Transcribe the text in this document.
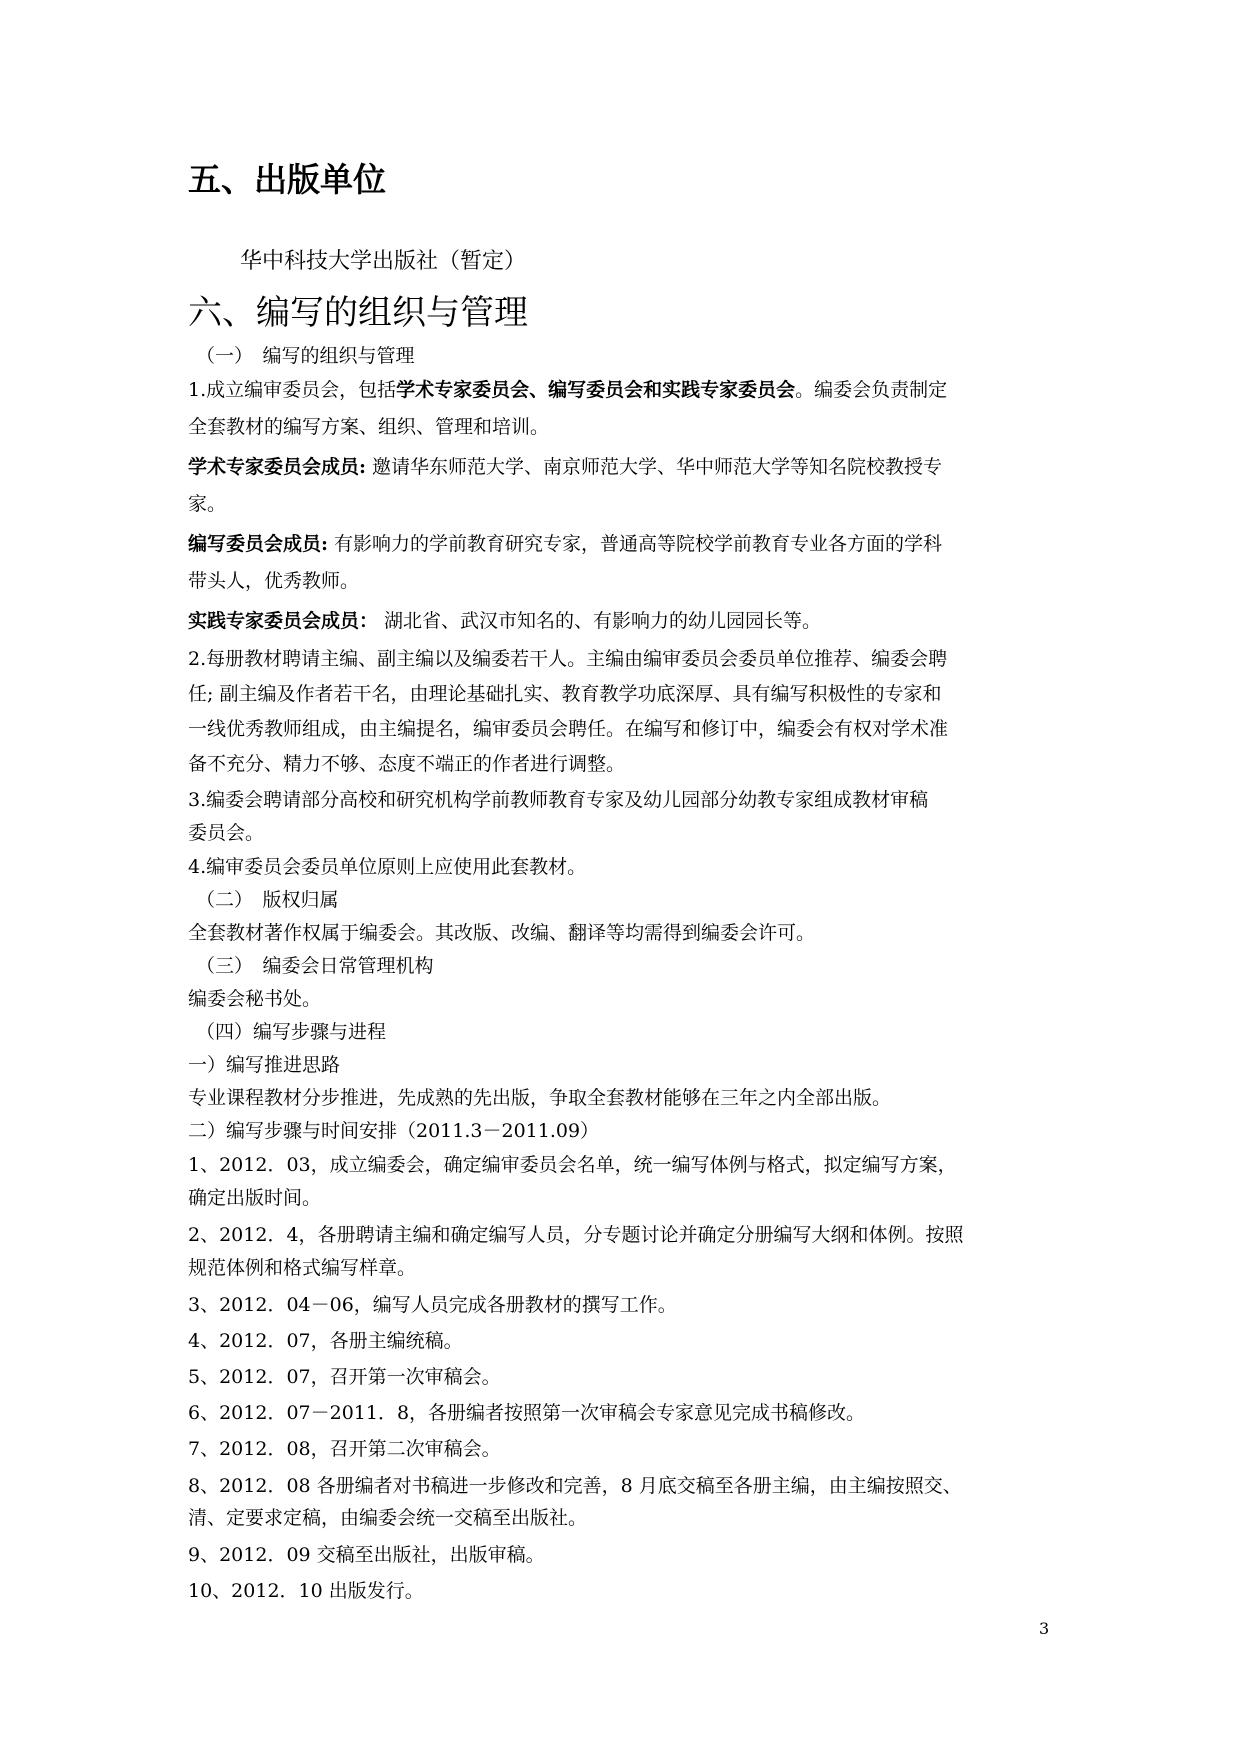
五、出版单位
华中科技大学出版社（暂定）
六、编写的组织与管理
（一）　编写的组织与管理
1.成立编审委员会，包括学术专家委员会、编写委员会和实践专家委员会。编委会负责制定
全套教材的编写方案、组织、管理和培训。
学术专家委员会成员: 邀请华东师范大学、南京师范大学、华中师范大学等知名院校教授专
家。
编写委员会成员: 有影响力的学前教育研究专家，普通高等院校学前教育专业各方面的学科
带头人，优秀教师。
实践专家委员会成员： 湖北省、武汉市知名的、有影响力的幼儿园园长等。
2.每册教材聘请主编、副主编以及编委若干人。主编由编审委员会委员单位推荐、编委会聘
任; 副主编及作者若干名，由理论基础扎实、教育教学功底深厚、具有编写积极性的专家和
一线优秀教师组成，由主编提名，编审委员会聘任。在编写和修订中，编委会有权对学术准
备不充分、精力不够、态度不端正的作者进行调整。
3.编委会聘请部分高校和研究机构学前教师教育专家及幼儿园部分幼教专家组成教材审稿
委员会。
4.编审委员会委员单位原则上应使用此套教材。
（二）　版权归属
全套教材著作权属于编委会。其改版、改编、翻译等均需得到编委会许可。
（三）　编委会日常管理机构
编委会秘书处。
（四）编写步骤与进程
一）编写推进思路
专业课程教材分步推进，先成熟的先出版，争取全套教材能够在三年之内全部出版。
二）编写步骤与时间安排（2011.3－2011.09）
1、2012．03，成立编委会，确定编审委员会名单，统一编写体例与格式，拟定编写方案，
确定出版时间。
2、2012．4，各册聘请主编和确定编写人员，分专题讨论并确定分册编写大纲和体例。按照
规范体例和格式编写样章。
3、2012．04－06，编写人员完成各册教材的撰写工作。
4、2012．07，各册主编统稿。
5、2012．07，召开第一次审稿会。
6、2012．07－2011．8，各册编者按照第一次审稿会专家意见完成书稿修改。
7、2012．08，召开第二次审稿会。
8、2012．08 各册编者对书稿进一步修改和完善，8 月底交稿至各册主编，由主编按照交、
清、定要求定稿，由编委会统一交稿至出版社。
9、2012．09 交稿至出版社，出版审稿。
10、2012．10 出版发行。
3
